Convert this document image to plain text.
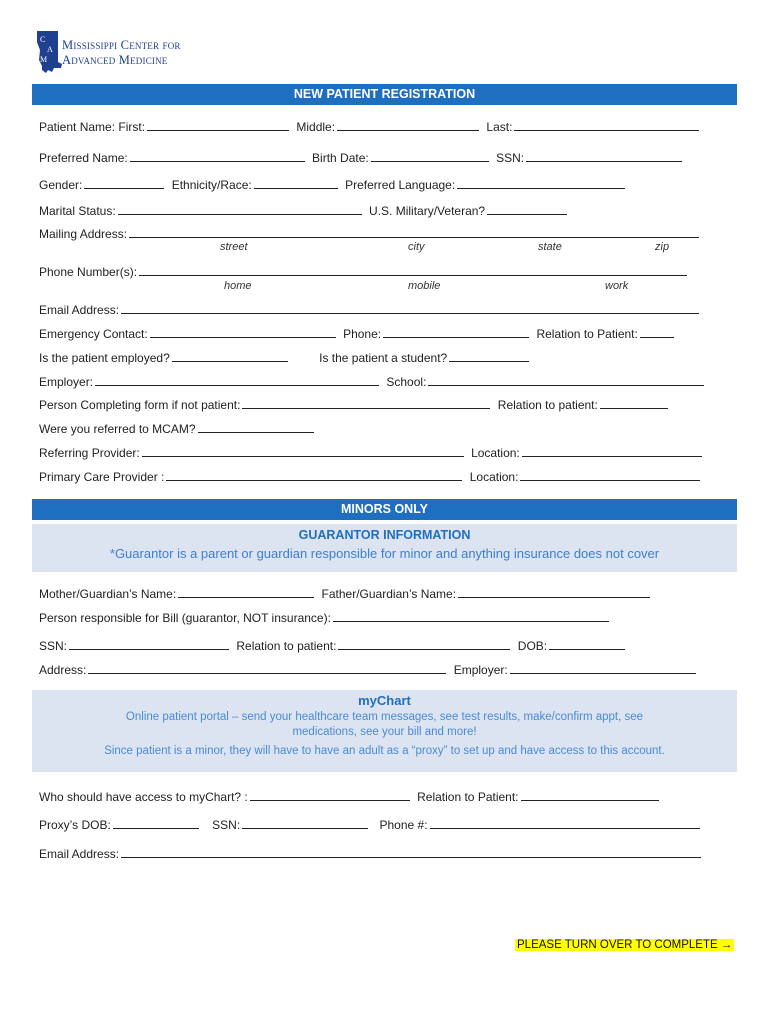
C
A
M
Mississippi Center for
Advanced Medicine
NEW PATIENT REGISTRATION
Patient Name: First:	Middle:	Last:
Preferred Name:	Birth Date:	SSN:
Gender:	Ethnicity/Race:	Preferred Language:
Marital Status:	U.S. Military/Veteran?
Mailing Address:
street	city	state	zip
Phone Number(s):
home	mobile	work
Email Address:
Emergency Contact:	Phone:	Relation to Patient:
Is the patient employed?	Is the patient a student?
Employer:	School:
Person Completing form if not patient:	Relation to patient:
Were you referred to MCAM?
Referring Provider:	Location:
Primary Care Provider :	Location:
MINORS ONLY
GUARANTOR INFORMATION
*Guarantor is a parent or guardian responsible for minor and anything insurance does not cover
Mother/Guardian’s Name:	Father/Guardian’s Name:
Person responsible for Bill (guarantor, NOT insurance):
SSN:	Relation to patient:	DOB:
Address:	Employer:
myChart
Online patient portal – send your healthcare team messages, see test results, make/confirm appt, see
medications, see your bill and more!
Since patient is a minor, they will have to have an adult as a “proxy” to set up and have access to this account.
Who should have access to myChart? :	Relation to Patient:
Proxy’s DOB:	SSN:	Phone #:
Email Address:
PLEASE TURN OVER TO COMPLETE →
